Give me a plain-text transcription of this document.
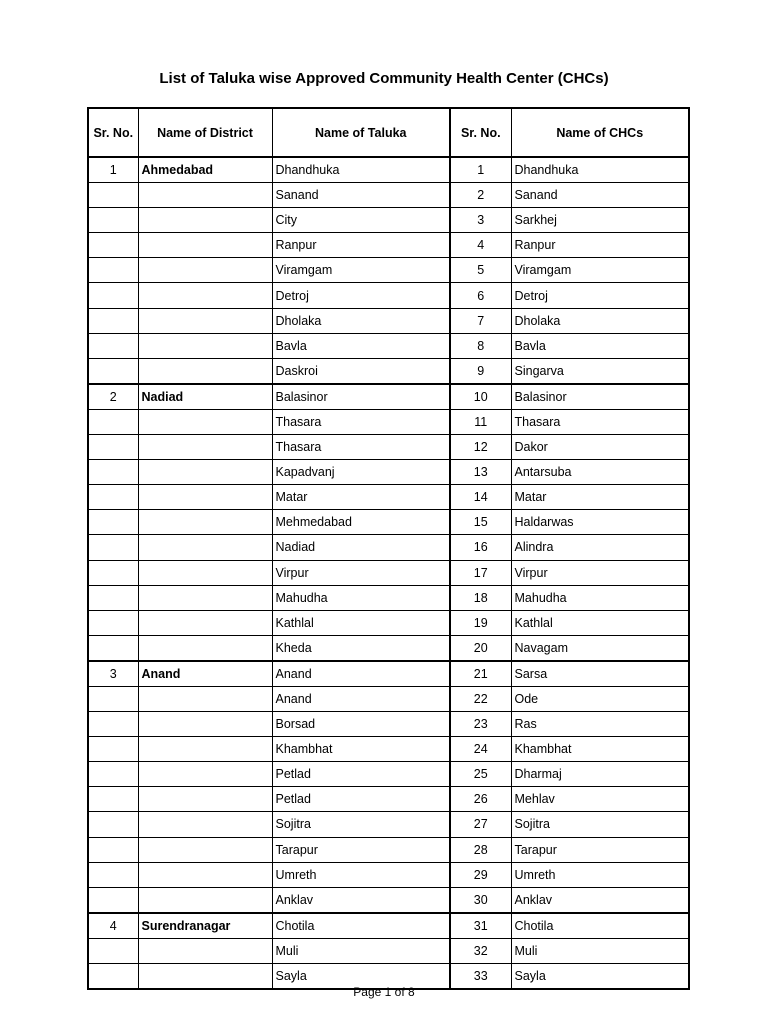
List of Taluka wise Approved Community Health Center (CHCs)
Sr. No.	Name of District	Name of Taluka	Sr. No.	Name of CHCs
1	Ahmedabad	Dhandhuka	1	Dhandhuka
		Sanand	2	Sanand
		City	3	Sarkhej
		Ranpur	4	Ranpur
		Viramgam	5	Viramgam
		Detroj	6	Detroj
		Dholaka	7	Dholaka
		Bavla	8	Bavla
		Daskroi	9	Singarva
2	Nadiad	Balasinor	10	Balasinor
		Thasara	11	Thasara
		Thasara	12	Dakor
		Kapadvanj	13	Antarsuba
		Matar	14	Matar
		Mehmedabad	15	Haldarwas
		Nadiad	16	Alindra
		Virpur	17	Virpur
		Mahudha	18	Mahudha
		Kathlal	19	Kathlal
		Kheda	20	Navagam
3	Anand	Anand	21	Sarsa
		Anand	22	Ode
		Borsad	23	Ras
		Khambhat	24	Khambhat
		Petlad	25	Dharmaj
		Petlad	26	Mehlav
		Sojitra	27	Sojitra
		Tarapur	28	Tarapur
		Umreth	29	Umreth
		Anklav	30	Anklav
4	Surendranagar	Chotila	31	Chotila
		Muli	32	Muli
		Sayla	33	Sayla
Page 1 of 8
